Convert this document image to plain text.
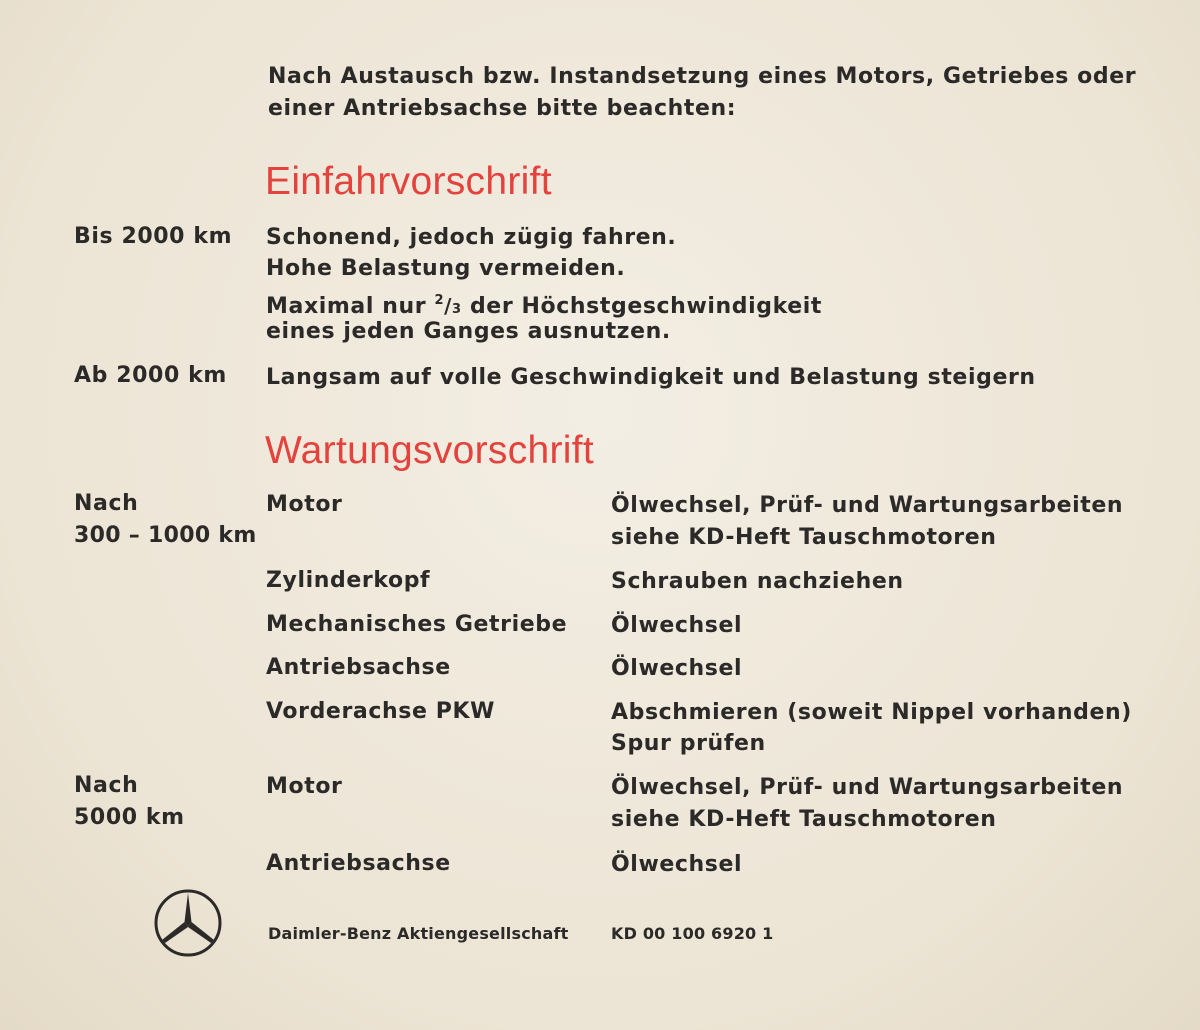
Nach Austausch bzw. Instandsetzung eines Motors, Getriebes oder
einer Antriebsachse bitte beachten:
Einfahrvorschrift
Bis 2000 km Schonend, jedoch zügig fahren.
Hohe Belastung vermeiden.
Maximal nur $^2$/3 der Höchstgeschwindigkeit
eines jeden Ganges ausnutzen.
Ab 2000 km Langsam auf volle Geschwindigkeit und Belastung steigern
Wartungsvorschrift
Nach
300 – 1000 km
Motor	Ölwechsel, Prüf- und Wartungsarbeiten
siehe KD-Heft Tauschmotoren
Zylinderkopf	Schrauben nachziehen
Mechanisches Getriebe Ölwechsel
Antriebsachse	Ölwechsel
Vorderachse PKW	Abschmieren (soweit Nippel vorhanden)
Spur prüfen
Nach
5000 km
Motor	Ölwechsel, Prüf- und Wartungsarbeiten
siehe KD-Heft Tauschmotoren
Antriebsachse	Ölwechsel
Daimler-Benz Aktiengesellschaft	KD 00 100 6920 1
